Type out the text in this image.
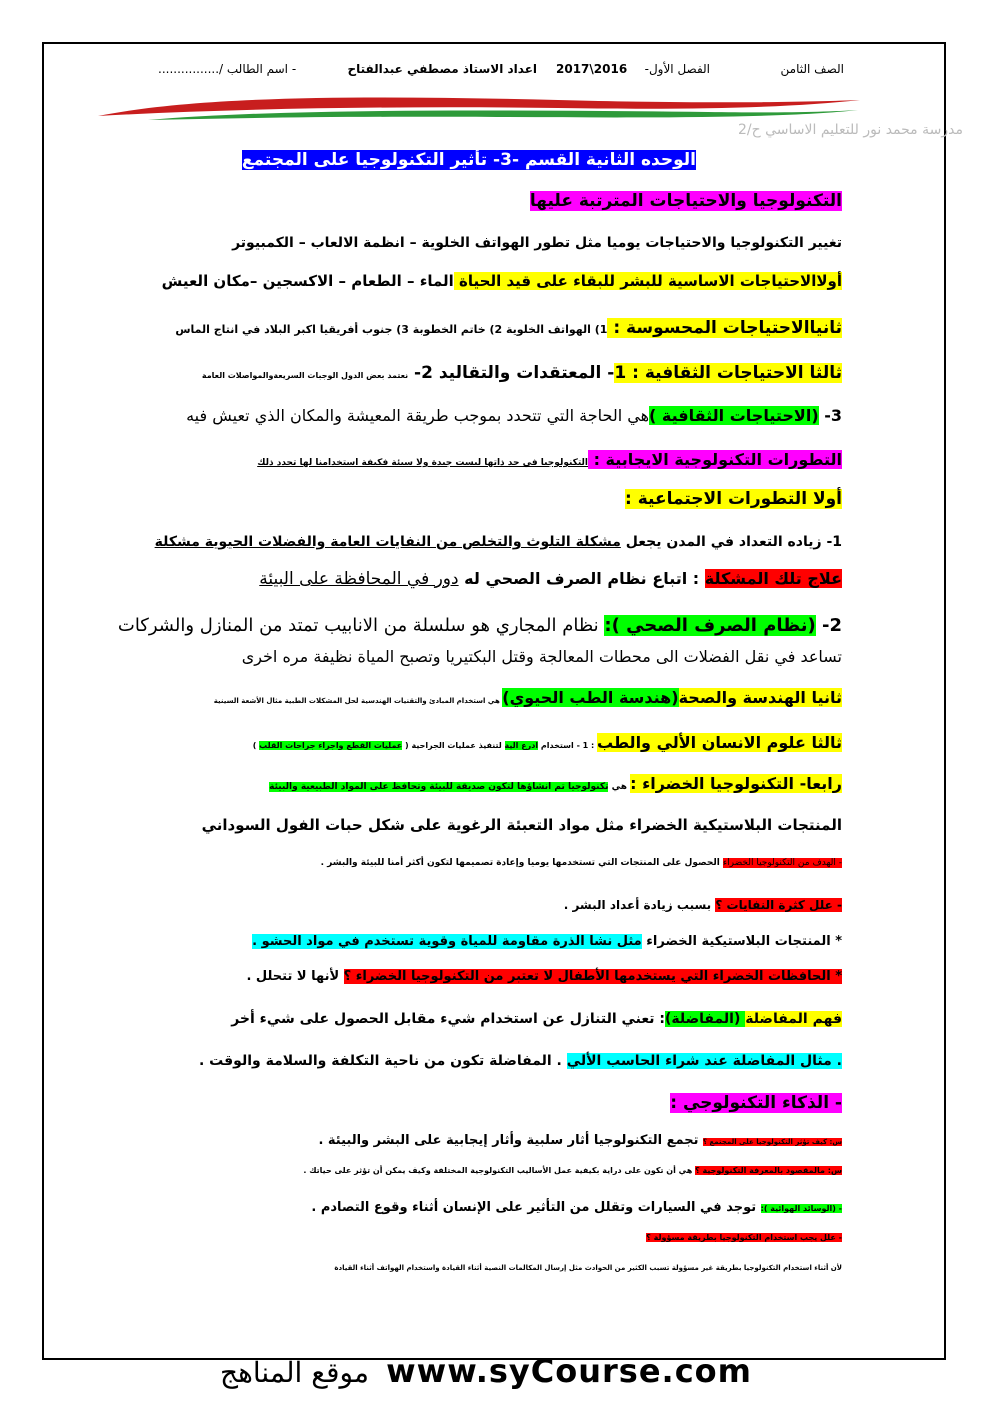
الصف الثامن
الفصل الأول-
2017\2016
اعداد الاستاذ مصطفي عبدالفتاح
- اسم الطالب /................
مدرسة محمد نور للتعليم الاساسي ح/2
الوحده الثانية القسم -3- تأثير التكنولوجيا على المجتمع
التكنولوجيا والاحتياجات المترتبة عليها
تغيير التكنولوجيا والاحتياجات يوميا مثل تطور الهواتف الخلوية – انظمة الالعاب – الكمبيوتر
أولاالاحتياجات الاساسية للبشر للبقاء على قيد الحياة الماء – الطعام – الاكسجين –مكان العيش
ثانياالاحتياجات المحسوسة : 1) الهواتف الخلوية 2) خاتم الخطوبة 3) جنوب أفريقيا اكبر البلاد في انتاج الماس
ثالثا الاحتياجات الثقافية : 1- المعتقدات والتقاليد 2- نعتمد بعض الدول الوجبات السريعةوالمواصلات العامة
3- (الاحتياجات الثقافية )هي الحاجة التي تتحدد بموجب طريقة المعيشة والمكان الذي تعيش فيه
التطورات التكنولوجية الايجابية : التكنولوجيا في حد ذاتها ليست جيدة ولا سيئة فكيفة استخدامنا لها تحدد ذلك
أولا التطورات الاجتماعية :
1- زياده التعداد في المدن يجعل مشكلة التلوث والتخلص من النفايات العامة والفضلات الحيوية مشكلة
علاج تلك المشكلة : اتباع نظام الصرف الصحي له دور في المحافظة على البيئة
2- (نظام الصرف الصحي ): نظام المجاري هو سلسلة من الانابيب تمتد من المنازل والشركات
تساعد في نقل الفضلات الى محطات المعالجة وقتل البكتيريا وتصبح المياة نظيفة مره اخرى
ثانيا الهندسة والصحة(هندسة الطب الحيوي) هي استخدام المبادئ والتقنيات الهندسية لحل المشكلات الطبية مثال الأشعة السينية
ثالثا علوم الانسان الألي والطب : 1 - استخدام ادرع الية لتنفيذ عمليات الجراحية ( عمليات القطع واجراء جراحات القلب )
رابعا- التكنولوجيا الخضراء : هي تكنولوجيا تم انشاؤها لتكون صديقة للبيئة وتحافظ على المواد الطبيعية والبيئة
المنتجات البلاستيكية الخضراء مثل مواد التعبئة الرغوية على شكل حبات الفول السوداني
- الهدف من التكنولوجيا الخضراء الحصول على المنتجات التي تستخدمها يوميا وإعادة تصميمها لتكون أكثر أمنا للبيئة والبشر .
- علل كثرة النفايات ؟ بسبب زيادة أعداد البشر .
* المنتجات البلاستيكية الخضراء مثل نشا الذرة مقاومة للمياة وقوية تستخدم في مواد الحشو .
* الحافظات الخضراء التي يستخدمها الأطفال لا تعتبر من التكنولوجيا الخضراء ؟ لأنها لا تتحلل .
فهم المفاضلة (المفاضلة): تعني التنازل عن استخدام شيء مقابل الحصول على شيء أخر
. مثال المفاضلة عند شراء الحاسب الألي . المفاضلة تكون من ناحية التكلفة والسلامة والوقت .
- الذكاء التكنولوجي :
س: كيف تؤثر التكنولوجيا على المجتمع ؟ تجمع التكنولوجيا أثار سلبية وأثار إيجابية على البشر والبيئة .
س: مالمقصود بالمعرفة التكنولوجية ؟ هي أن تكون على دراية بكيفية عمل الأساليب التكنولوجية المختلفة وكيف يمكن أن تؤثر على حياتك .
- (الوسائد الهوائية ): توجد في السيارات وتقلل من التأثير على الإنسان أثناء وقوع التصادم .
- علل يجب استخدام التكنولوجيا بطريقة مسؤولة ؟
لأن أثناء استخدام التكنولوجيا بطريقة غير مسؤولة تسبب الكثير من الحوادث مثل إرسال المكالمات النصية أثناء القيادة واستخدام الهواتف أثناء القيادة
موقع المناهج www.syCourse.com
